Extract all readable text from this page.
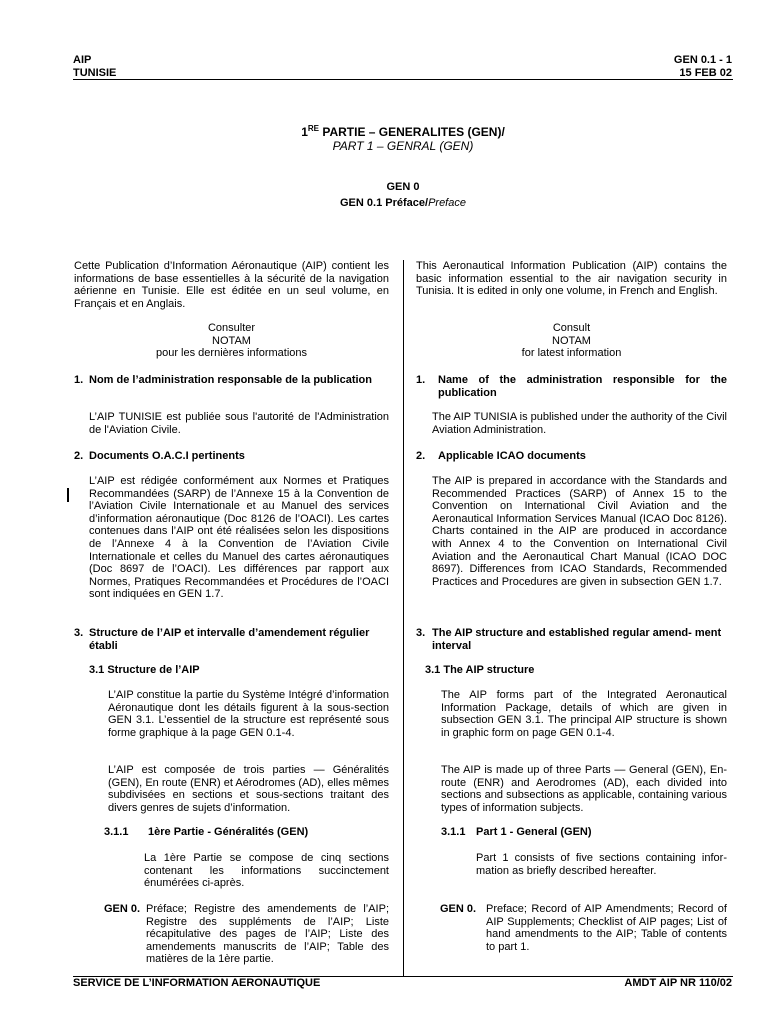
AIP
TUNISIE
GEN 0.1 - 1
15 FEB 02
1RE PARTIE – GENERALITES (GEN)/
PART 1 – GENRAL (GEN)
GEN 0
GEN 0.1 Préface/Preface
Cette Publication d’Information Aéronautique (AIP) contient les informations de base essentielles à la sécurité de la navigation aérienne en Tunisie. Elle est éditée en un seul volume, en Français et en Anglais.
Consulter
NOTAM
pour les dernières informations
1. Nom de l’administration responsable de la publication
L’AIP TUNISIE est publiée sous l'autorité de l'Administration de l'Aviation Civile.
2. Documents O.A.C.I pertinents
L’AIP est rédigée conformément aux Normes et Pratiques Recommandées (SARP) de l’Annexe 15 à la Convention de l’Aviation Civile Internationale et au Manuel des services d’information aéronautique (Doc 8126 de l’OACI). Les cartes contenues dans l’AIP ont été réalisées selon les dispositions de l’Annexe 4 à la Convention de l’Aviation Civile Internationale et celles du Manuel des cartes aéronautiques (Doc 8697 de l’OACI). Les différences par rapport aux Normes, Pratiques Recommandées et Procédures de l’OACI sont indiquées en GEN 1.7.
3. Structure de l’AIP et intervalle d’amendement régulier établi
3.1 Structure de l’AIP
L’AIP constitue la partie du Système Intégré d’information Aéronautique dont les détails figurent à la sous-section GEN 3.1. L’essentiel de la structure est représenté sous forme graphique à la page GEN 0.1-4.
L’AIP est composée de trois parties — Généralités (GEN), En route (ENR) et Aérodromes (AD), elles mêmes subdivisées en sections et sous-sections traitant des divers genres de sujets d’information.
3.1.1 1ère Partie - Généralités (GEN)
La 1ère Partie se compose de cinq sections contenant les informations succinctement énumérées ci-après.
GEN 0. Préface; Registre des amendements de l’AIP; Registre des suppléments de l’AIP; Liste récapitulative des pages de l’AIP; Liste des amendements manuscrits de l’AIP; Table des matières de la 1ère partie.
This Aeronautical Information Publication (AIP) contains the basic information essential to the air navigation security in Tunisia. It is edited in only one volume, in French and English.
Consult
NOTAM
for latest information
1. Name of the administration responsible for the publication
The AIP TUNISIA is published under the authority of the Civil Aviation Administration.
2. Applicable ICAO documents
The AIP is prepared in accordance with the Standards and Recommended Practices (SARP) of Annex 15 to the Convention on International Civil Aviation and the Aeronautical Information Services Manual (ICAO Doc 8126). Charts contained in the AIP are produced in accordance with Annex 4 to the Convention on International Civil Aviation and the Aeronautical Chart Manual (ICAO DOC 8697). Differences from ICAO Standards, Recommended Practices and Procedures are given in subsection GEN 1.7.
3. The AIP structure and established regular amend- ment interval
3.1 The AIP structure
The AIP forms part of the Integrated Aeronautical Information Package, details of which are given in subsection GEN 3.1. The principal AIP structure is shown in graphic form on page GEN 0.1-4.
The AIP is made up of three Parts — General (GEN), En-route (ENR) and Aerodromes (AD), each divided into sections and subsections as applicable, containing various types of information subjects.
3.1.1 Part 1 - General (GEN)
Part 1 consists of five sections containing infor- mation as briefly described hereafter.
GEN 0. Preface; Record of AIP Amendments; Record of AIP Supplements; Checklist of AIP pages; List of hand amendments to the AIP; Table of contents to part 1.
SERVICE DE L’INFORMATION AERONAUTIQUE	AMDT AIP NR 110/02
